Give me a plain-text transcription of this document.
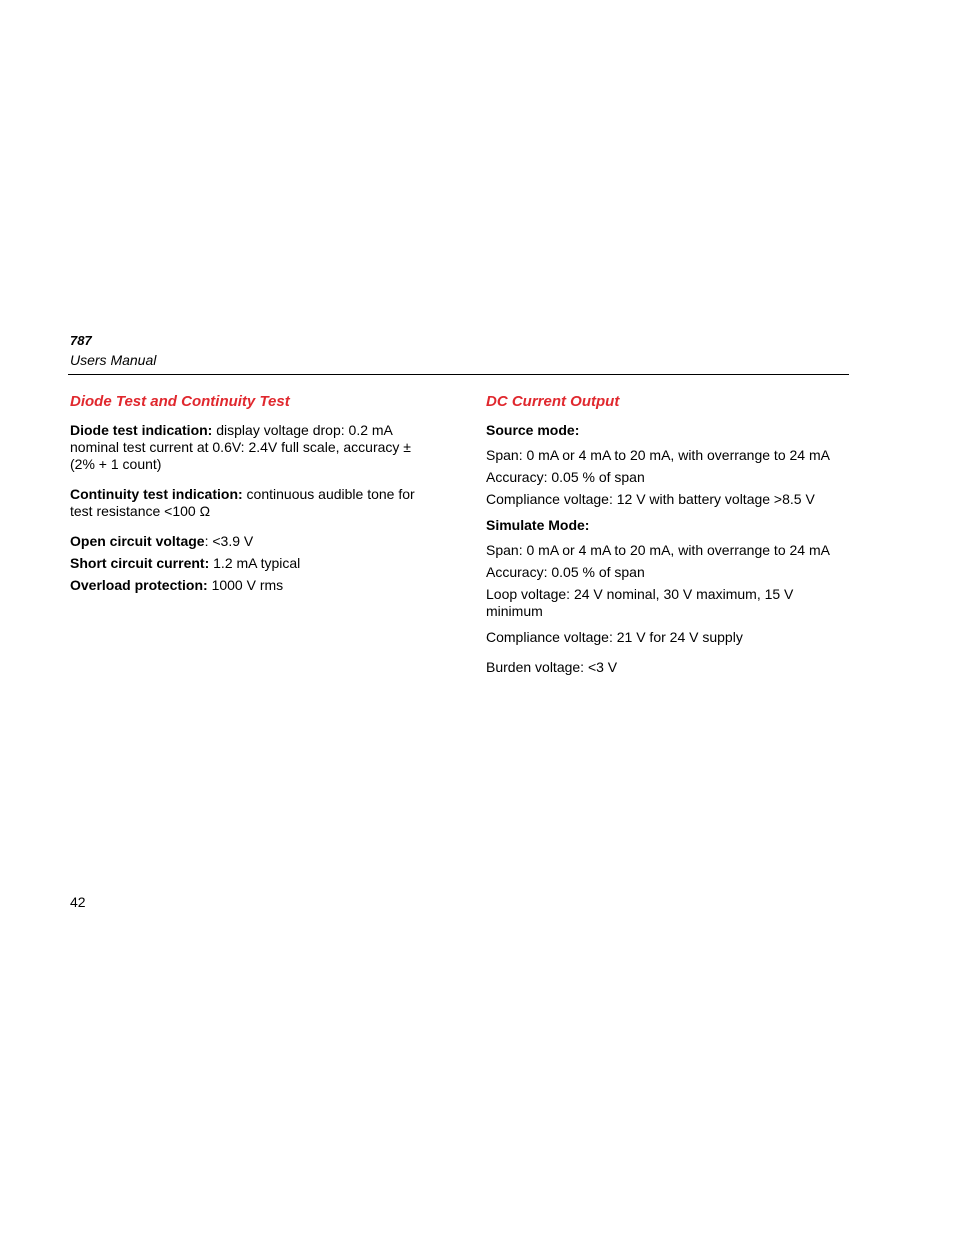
787
Users Manual
Diode Test and Continuity Test
Diode test indication: display voltage drop: 0.2 mA nominal test current at 0.6V: 2.4V full scale, accuracy ±(2% + 1 count)
Continuity test indication: continuous audible tone for test resistance <100 Ω
Open circuit voltage: <3.9 V
Short circuit current: 1.2 mA typical
Overload protection: 1000 V rms
DC Current Output
Source mode:
Span: 0 mA or 4 mA to 20 mA, with overrange to 24 mA
Accuracy: 0.05 % of span
Compliance voltage: 12 V with battery voltage >8.5 V
Simulate Mode:
Span: 0 mA or 4 mA to 20 mA, with overrange to 24 mA
Accuracy: 0.05 % of span
Loop voltage: 24 V nominal, 30 V maximum, 15 V minimum
Compliance voltage: 21 V for 24 V supply
Burden voltage: <3 V
42
